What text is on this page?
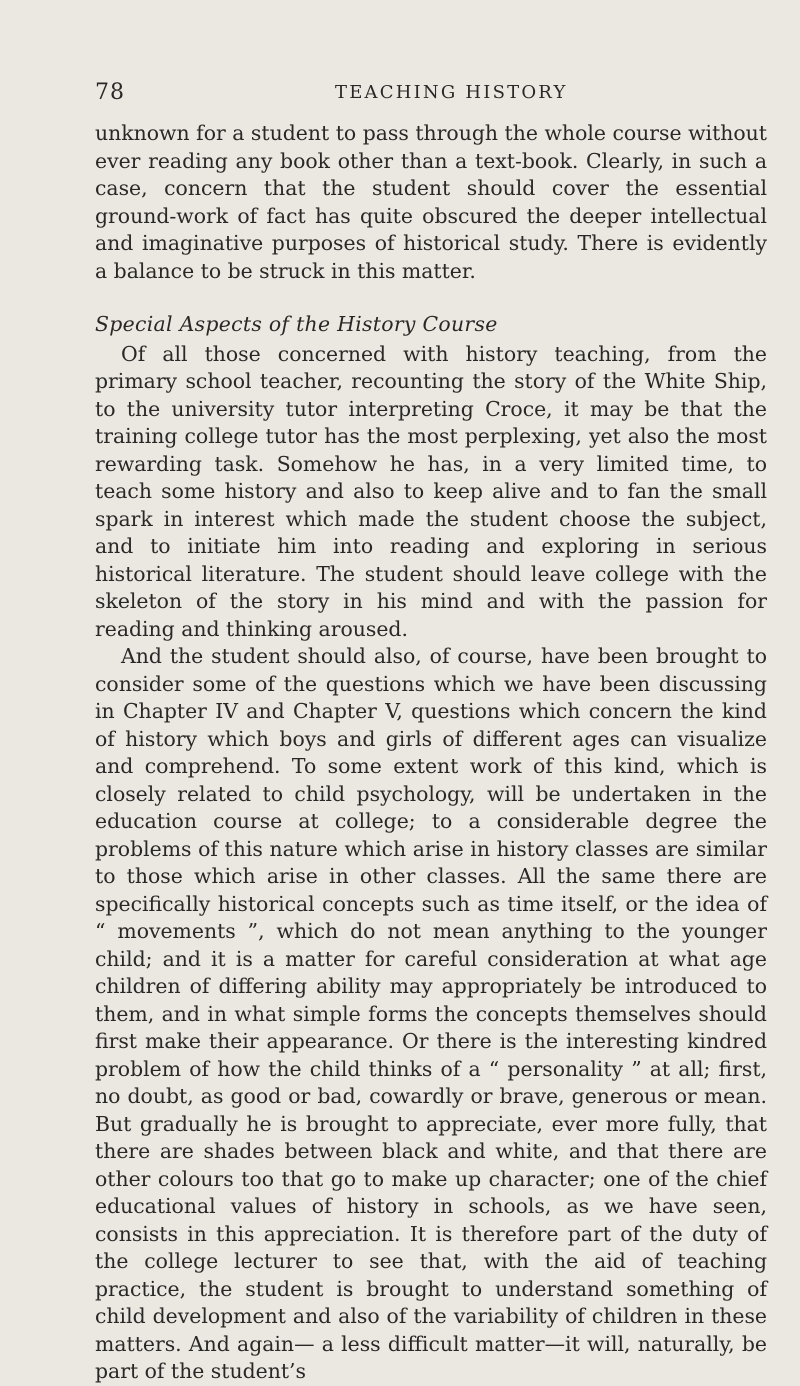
78	TEACHING HISTORY

unknown for a student to pass through the whole course without ever reading any book other than a text-book. Clearly, in such a case, concern that the student should cover the essential ground-work of fact has quite obscured the deeper intellectual and imaginative purposes of historical study. There is evidently a balance to be struck in this matter.

Special Aspects of the History Course

Of all those concerned with history teaching, from the primary school teacher, recounting the story of the White Ship, to the university tutor interpreting Croce, it may be that the training college tutor has the most perplexing, yet also the most rewarding task. Somehow he has, in a very limited time, to teach some history and also to keep alive and to fan the small spark in interest which made the student choose the subject, and to initiate him into reading and exploring in serious historical literature. The student should leave college with the skeleton of the story in his mind and with the passion for reading and thinking aroused.

And the student should also, of course, have been brought to consider some of the questions which we have been discussing in Chapter IV and Chapter V, questions which concern the kind of history which boys and girls of different ages can visualize and comprehend. To some extent work of this kind, which is closely related to child psychology, will be undertaken in the education course at college; to a considerable degree the problems of this nature which arise in history classes are similar to those which arise in other classes. All the same there are specifically historical concepts such as time itself, or the idea of “ movements ”, which do not mean anything to the younger child; and it is a matter for careful consideration at what age children of differing ability may appropriately be introduced to them, and in what simple forms the concepts themselves should first make their appearance. Or there is the interesting kindred problem of how the child thinks of a “ personality ” at all; first, no doubt, as good or bad, cowardly or brave, generous or mean. But gradually he is brought to appreciate, ever more fully, that there are shades between black and white, and that there are other colours too that go to make up character; one of the chief educational values of history in schools, as we have seen, consists in this appreciation. It is therefore part of the duty of the college lecturer to see that, with the aid of teaching practice, the student is brought to understand something of child development and also of the variability of children in these matters. And again— a less difficult matter—it will, naturally, be part of the student’s
